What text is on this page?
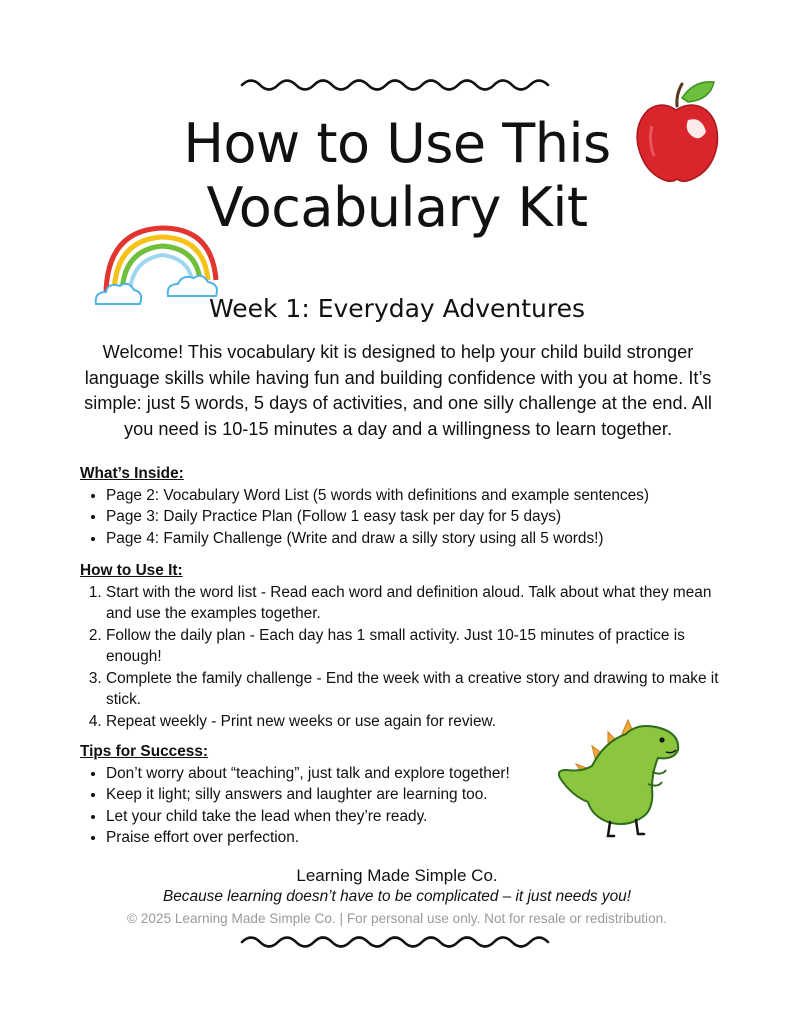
How to Use This
Vocabulary Kit
Week 1: Everyday Adventures

Welcome! This vocabulary kit is designed to help your child build stronger language skills while having fun and building confidence with you at home. It’s simple: just 5 words, 5 days of activities, and one silly challenge at the end. All you need is 10-15 minutes a day and a willingness to learn together.

What’s Inside:
• Page 2: Vocabulary Word List (5 words with definitions and example sentences)
• Page 3: Daily Practice Plan (Follow 1 easy task per day for 5 days)
• Page 4: Family Challenge (Write and draw a silly story using all 5 words!)
How to Use It:
1. Start with the word list - Read each word and definition aloud. Talk about what they mean and use the examples together.
2. Follow the daily plan - Each day has 1 small activity. Just 10-15 minutes of practice is enough!
3. Complete the family challenge - End the week with a creative story and drawing to make it stick.
4. Repeat weekly - Print new weeks or use again for review.
Tips for Success:
• Don’t worry about “teaching”, just talk and explore together!
• Keep it light; silly answers and laughter are learning too.
• Let your child take the lead when they’re ready.
• Praise effort over perfection.
Learning Made Simple Co.
Because learning doesn’t have to be complicated – it just needs you!
© 2025 Learning Made Simple Co. | For personal use only. Not for resale or redistribution.
